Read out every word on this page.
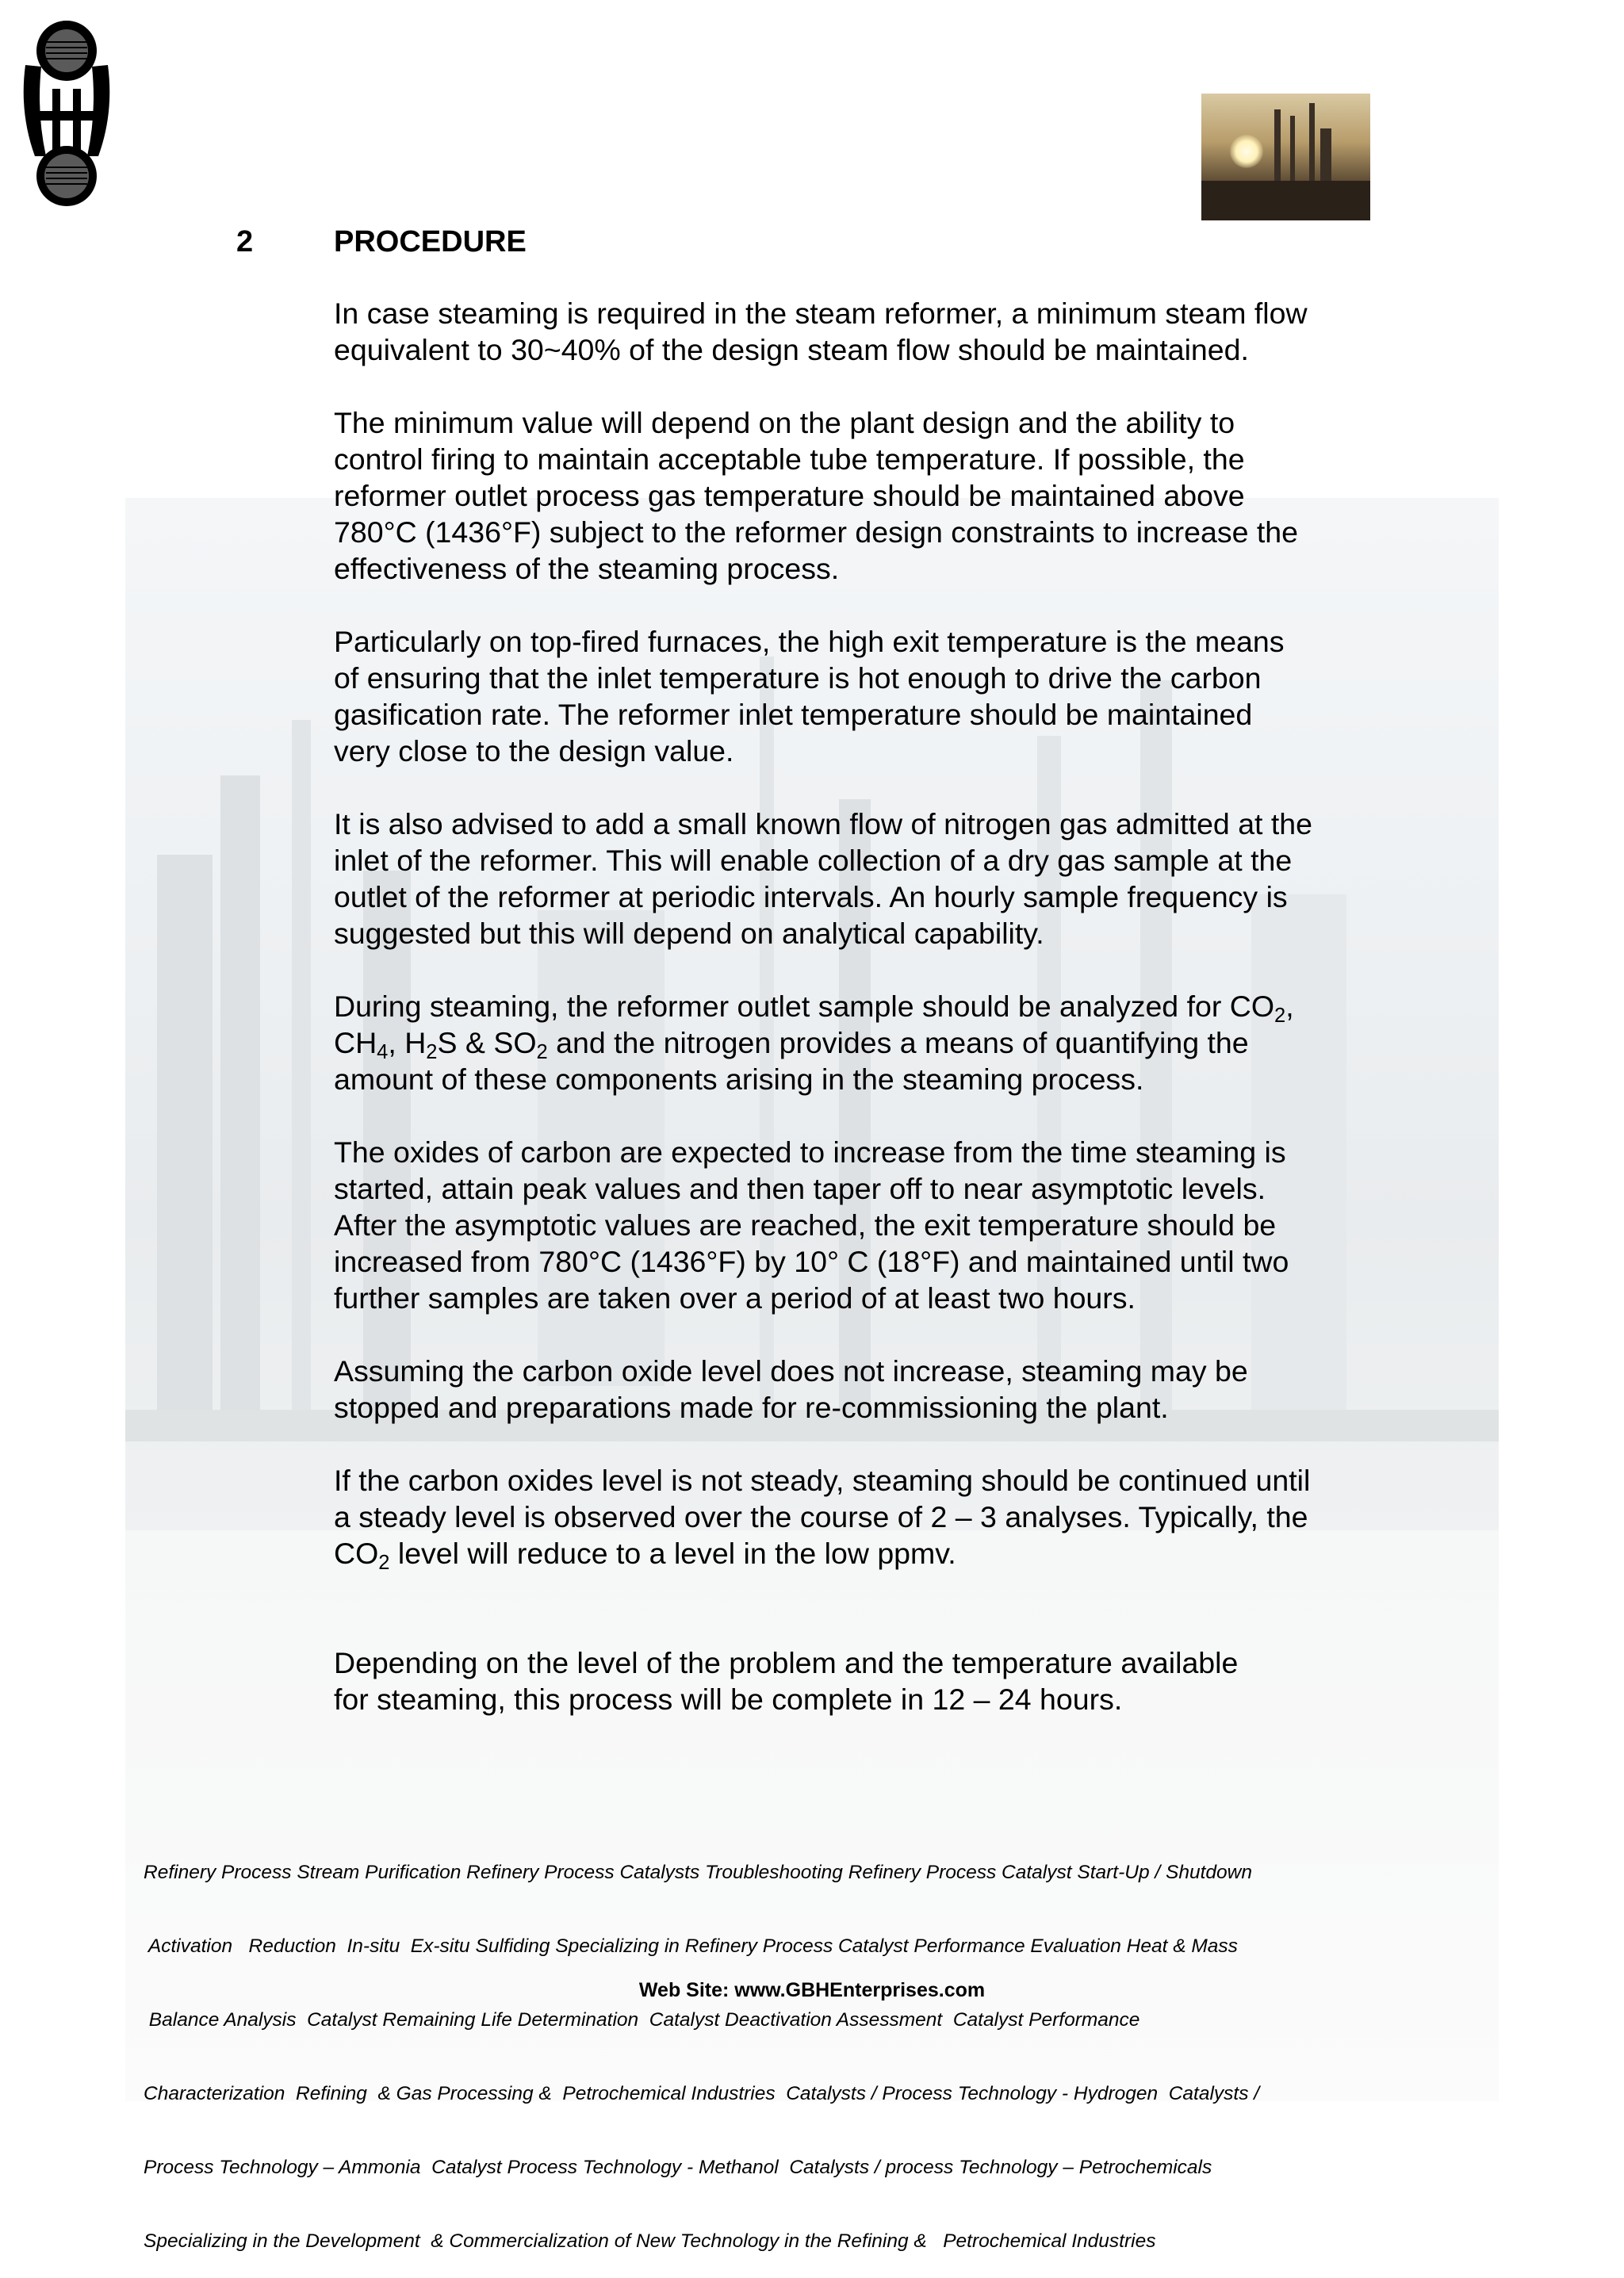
2	PROCEDURE

In case steaming is required in the steam reformer, a minimum steam flow
equivalent to 30~40% of the design steam flow should be maintained.

The minimum value will depend on the plant design and the ability to
control firing to maintain acceptable tube temperature. If possible, the
reformer outlet process gas temperature should be maintained above
780°C (1436°F) subject to the reformer design constraints to increase the
effectiveness of the steaming process.

Particularly on top-fired furnaces, the high exit temperature is the means
of ensuring that the inlet temperature is hot enough to drive the carbon
gasification rate. The reformer inlet temperature should be maintained
very close to the design value.

It is also advised to add a small known flow of nitrogen gas admitted at the
inlet of the reformer. This will enable collection of a dry gas sample at the
outlet of the reformer at periodic intervals. An hourly sample frequency is
suggested but this will depend on analytical capability.

During steaming, the reformer outlet sample should be analyzed for $CO_2$,
$CH_4$, $H_2S$ & $SO_2$ and the nitrogen provides a means of quantifying the
amount of these components arising in the steaming process.

The oxides of carbon are expected to increase from the time steaming is
started, attain peak values and then taper off to near asymptotic levels.
After the asymptotic values are reached, the exit temperature should be
increased from 780°C (1436°F) by 10° C (18°F) and maintained until two
further samples are taken over a period of at least two hours.

Assuming the carbon oxide level does not increase, steaming may be
stopped and preparations made for re-commissioning the plant.

If the carbon oxides level is not steady, steaming should be continued until
a steady level is observed over the course of 2 – 3 analyses. Typically, the
$CO_2$ level will reduce to a level in the low ppmv.

Depending on the level of the problem and the temperature available
for steaming, this process will be complete in 12 – 24 hours.

Refinery Process Stream Purification Refinery Process Catalysts Troubleshooting Refinery Process Catalyst Start-Up / Shutdown

Activation   Reduction  In-situ  Ex-situ Sulfiding Specializing in Refinery Process Catalyst Performance Evaluation Heat & Mass

Balance Analysis  Catalyst Remaining Life Determination  Catalyst Deactivation Assessment  Catalyst Performance

Characterization  Refining  & Gas Processing &  Petrochemical Industries  Catalysts / Process Technology - Hydrogen  Catalysts /

Process Technology – Ammonia  Catalyst Process Technology - Methanol  Catalysts / process Technology – Petrochemicals

Specializing in the Development  & Commercialization of New Technology in the Refining &   Petrochemical Industries

Web Site: www.GBHEnterprises.com
